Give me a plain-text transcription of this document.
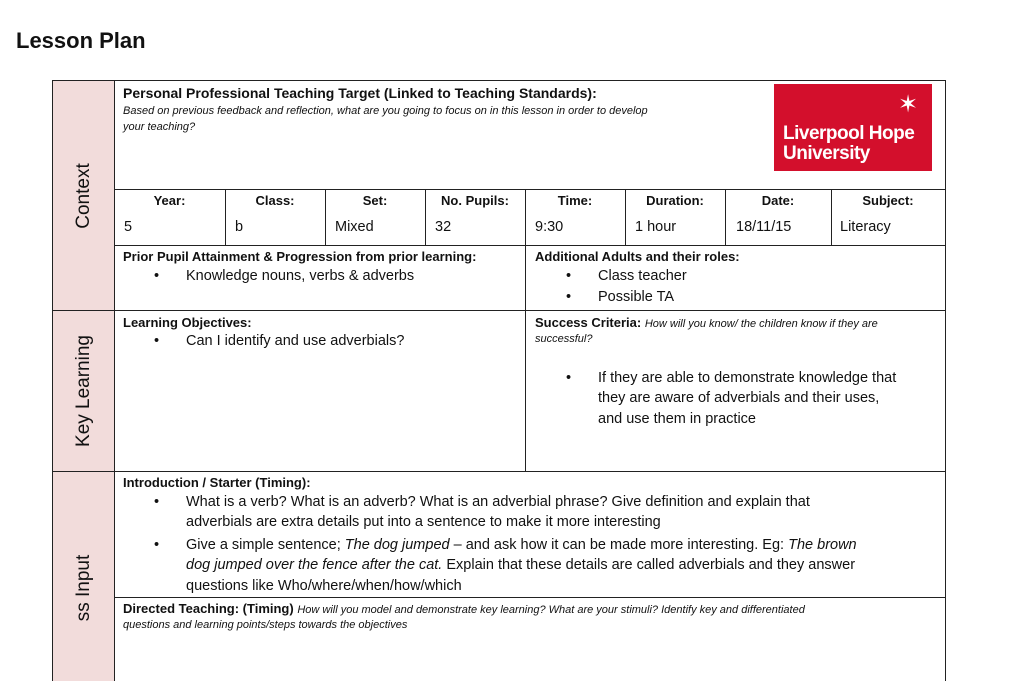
Lesson Plan
Context
Key Learning
ss Input
Personal Professional Teaching Target (Linked to Teaching Standards):
Based on previous feedback and reflection, what are you going to focus on in this lesson in order to develop
your teaching?
✶
Liverpool Hope
University
Year:	Class:	Set:	No. Pupils:	Time:	Duration:	Date:	Subject:
5	b	Mixed	32	9:30	1 hour	18/11/15	Literacy
Prior Pupil Attainment & Progression from prior learning:
• Knowledge nouns, verbs & adverbs
Additional Adults and their roles:
• Class teacher
• Possible TA
Learning Objectives:
• Can I identify and use adverbials?
Success Criteria: How will you know/ the children know if they are
successful?
• If they are able to demonstrate knowledge that
they are aware of adverbials and their uses,
and use them in practice
Introduction / Starter (Timing):
• What is a verb? What is an adverb? What is an adverbial phrase? Give definition and explain that
adverbials are extra details put into a sentence to make it more interesting
• Give a simple sentence; The dog jumped – and ask how it can be made more interesting. Eg: The brown
dog jumped over the fence after the cat. Explain that these details are called adverbials and they answer
questions like Who/where/when/how/which
Directed Teaching: (Timing) How will you model and demonstrate key learning? What are your stimuli? Identify key and differentiated
questions and learning points/steps towards the objectives
